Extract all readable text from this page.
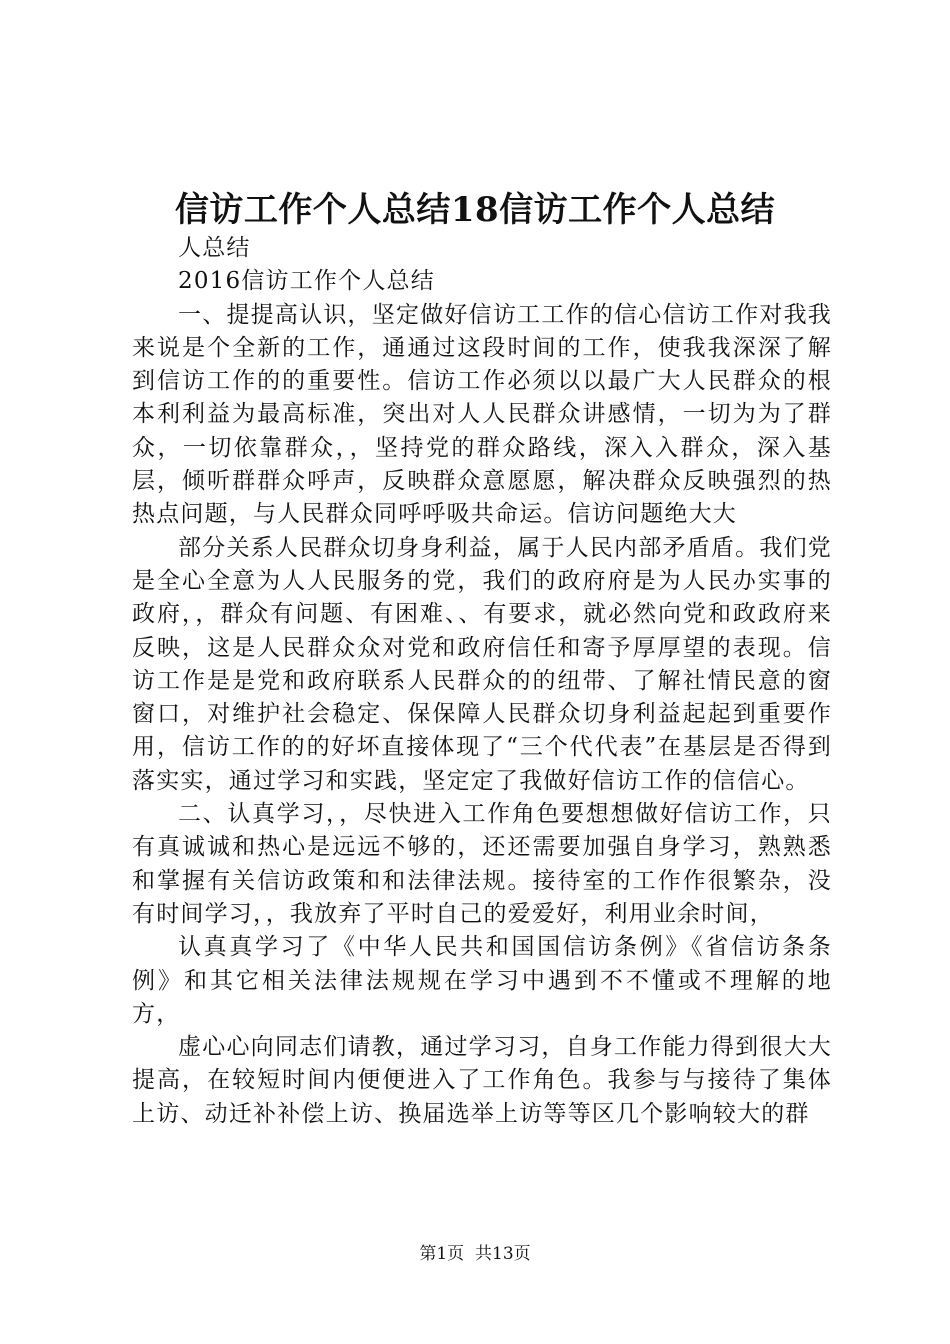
信访工作个人总结18信访工作个人总结

人总结

2016信访工作个人总结

一、提提高认识，坚定做好信访工工作的信心信访工作对我我来说是个全新的工作，通通过这段时间的工作，使我我深深了解到信访工作的的重要性。信访工作必须以以最广大人民群众的根本利利益为最高标准，突出对人人民群众讲感情，一切为为了群众，一切依靠群众，，坚持党的群众路线，深入入群众，深入基层，倾听群群众呼声，反映群众意愿愿，解决群众反映强烈的热热点问题，与人民群众同呼呼吸共命运。信访问题绝大大

部分关系人民群众切身身利益，属于人民内部矛盾盾。我们党是全心全意为人人民服务的党，我们的政府府是为人民办实事的政府，，群众有问题、有困难、、有要求，就必然向党和政政府来反映，这是人民群众众对党和政府信任和寄予厚厚望的表现。信访工作是是党和政府联系人民群众的的纽带、了解社情民意的窗窗口，对维护社会稳定、保保障人民群众切身利益起起到重要作用，信访工作的的好坏直接体现了“三个代代表”在基层是否得到落实实，通过学习和实践，坚定定了我做好信访工作的信信心。

二、认真学习，，尽快进入工作角色要想想做好信访工作，只有真诚诚和热心是远远不够的，还还需要加强自身学习，熟熟悉和掌握有关信访政策和和法律法规。接待室的工作作很繁杂，没有时间学习，，我放弃了平时自己的爱爱好，利用业余时间，

认真真学习了《中华人民共和国国信访条例》《省信访条条例》和其它相关法律法规规在学习中遇到不不懂或不理解的地方，

虚心心向同志们请教，通过学习习，自身工作能力得到很大大提高，在较短时间内便便进入了工作角色。我参与与接待了集体上访、动迁补补偿上访、换届选举上访等等区几个影响较大的群

第1页 共13页
